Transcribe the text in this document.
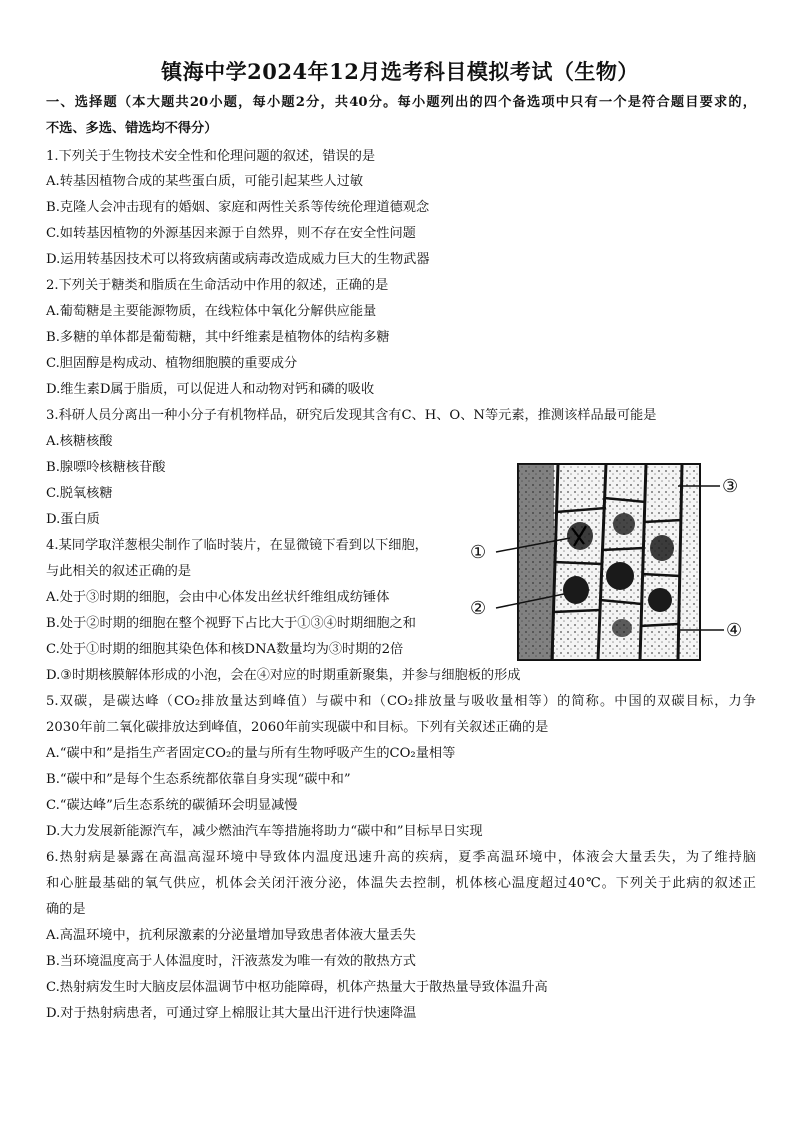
镇海中学2024年12月选考科目模拟考试（生物）
一、选择题（本大题共20小题，每小题2分，共40分。每小题列出的四个备选项中只有一个是符合题目要求的，
不选、多选、错选均不得分）
1.下列关于生物技术安全性和伦理问题的叙述，错误的是
A.转基因植物合成的某些蛋白质，可能引起某些人过敏
B.克隆人会冲击现有的婚姻、家庭和两性关系等传统伦理道德观念
C.如转基因植物的外源基因来源于自然界，则不存在安全性问题
D.运用转基因技术可以将致病菌或病毒改造成威力巨大的生物武器
2.下列关于糖类和脂质在生命活动中作用的叙述，正确的是
A.葡萄糖是主要能源物质，在线粒体中氧化分解供应能量
B.多糖的单体都是葡萄糖，其中纤维素是植物体的结构多糖
C.胆固醇是构成动、植物细胞膜的重要成分
D.维生素D属于脂质，可以促进人和动物对钙和磷的吸收
3.科研人员分离出一种小分子有机物样品，研究后发现其含有C、H、O、N等元素，推测该样品最可能是
A.核糖核酸
B.腺嘌呤核糖核苷酸
C.脱氧核糖
D.蛋白质
4.某同学取洋葱根尖制作了临时装片，在显微镜下看到以下细胞，
与此相关的叙述正确的是
A.处于③时期的细胞，会由中心体发出丝状纤维组成纺锤体
B.处于②时期的细胞在整个视野下占比大于①③④时期细胞之和
C.处于①时期的细胞其染色体和核DNA数量均为③时期的2倍
D.③时期核膜解体形成的小泡，会在④对应的时期重新聚集，并参与细胞板的形成
①
②
③
④
5.双碳，是碳达峰（CO₂排放量达到峰值）与碳中和（CO₂排放量与吸收量相等）的简称。中国的双碳目标，力争
2030年前二氧化碳排放达到峰值，2060年前实现碳中和目标。下列有关叙述正确的是
A.“碳中和”是指生产者固定CO₂的量与所有生物呼吸产生的CO₂量相等
B.“碳中和”是每个生态系统都依靠自身实现“碳中和”
C.“碳达峰”后生态系统的碳循环会明显减慢
D.大力发展新能源汽车，减少燃油汽车等措施将助力“碳中和”目标早日实现
6.热射病是暴露在高温高湿环境中导致体内温度迅速升高的疾病，夏季高温环境中，体液会大量丢失，为了维持脑
和心脏最基础的氧气供应，机体会关闭汗液分泌，体温失去控制，机体核心温度超过40℃。下列关于此病的叙述正
确的是
A.高温环境中，抗利尿激素的分泌量增加导致患者体液大量丢失
B.当环境温度高于人体温度时，汗液蒸发为唯一有效的散热方式
C.热射病发生时大脑皮层体温调节中枢功能障碍，机体产热量大于散热量导致体温升高
D.对于热射病患者，可通过穿上棉服让其大量出汗进行快速降温
